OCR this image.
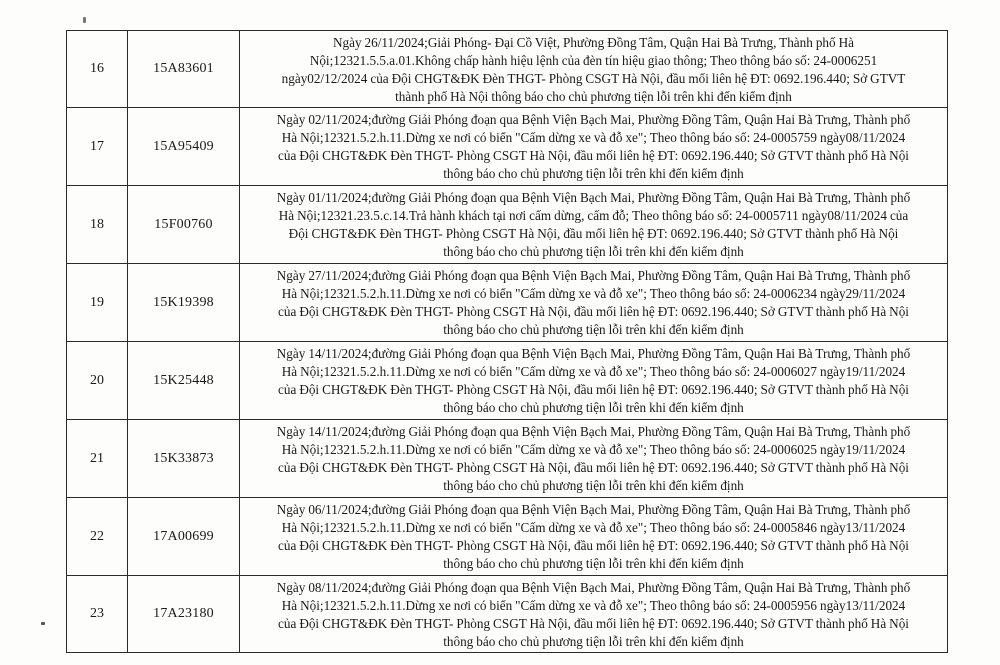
16	15A83601	Ngày 26/11/2024;Giải Phóng- Đại Cồ Việt, Phường Đồng Tâm, Quận Hai Bà Trưng, Thành phố Hà
Nội;12321.5.5.a.01.Không chấp hành hiệu lệnh của đèn tín hiệu giao thông; Theo thông báo số: 24-0006251
ngày02/12/2024 của Đội CHGT&ĐK Đèn THGT- Phòng CSGT Hà Nội, đầu mối liên hệ ĐT: 0692.196.440; Sở GTVT
thành phố Hà Nội thông báo cho chủ phương tiện lỗi trên khi đến kiểm định

17	15A95409	Ngày 02/11/2024;đường Giải Phóng đoạn qua Bệnh Viện Bạch Mai, Phường Đồng Tâm, Quận Hai Bà Trưng, Thành phố
Hà Nội;12321.5.2.h.11.Dừng xe nơi có biển "Cấm dừng xe và đỗ xe"; Theo thông báo số: 24-0005759 ngày08/11/2024
của Đội CHGT&ĐK Đèn THGT- Phòng CSGT Hà Nội, đầu mối liên hệ ĐT: 0692.196.440; Sở GTVT thành phố Hà Nội
thông báo cho chủ phương tiện lỗi trên khi đến kiểm định

18	15F00760	Ngày 01/11/2024;đường Giải Phóng đoạn qua Bệnh Viện Bạch Mai, Phường Đồng Tâm, Quận Hai Bà Trưng, Thành phố
Hà Nội;12321.23.5.c.14.Trả hành khách tại nơi cấm dừng, cấm đỗ; Theo thông báo số: 24-0005711 ngày08/11/2024 của
Đội CHGT&ĐK Đèn THGT- Phòng CSGT Hà Nội, đầu mối liên hệ ĐT: 0692.196.440; Sở GTVT thành phố Hà Nội
thông báo cho chủ phương tiện lỗi trên khi đến kiểm định

19	15K19398	Ngày 27/11/2024;đường Giải Phóng đoạn qua Bệnh Viện Bạch Mai, Phường Đồng Tâm, Quận Hai Bà Trưng, Thành phố
Hà Nội;12321.5.2.h.11.Dừng xe nơi có biển "Cấm dừng xe và đỗ xe"; Theo thông báo số: 24-0006234 ngày29/11/2024
của Đội CHGT&ĐK Đèn THGT- Phòng CSGT Hà Nội, đầu mối liên hệ ĐT: 0692.196.440; Sở GTVT thành phố Hà Nội
thông báo cho chủ phương tiện lỗi trên khi đến kiểm định

20	15K25448	Ngày 14/11/2024;đường Giải Phóng đoạn qua Bệnh Viện Bạch Mai, Phường Đồng Tâm, Quận Hai Bà Trưng, Thành phố
Hà Nội;12321.5.2.h.11.Dừng xe nơi có biển "Cấm dừng xe và đỗ xe"; Theo thông báo số: 24-0006027 ngày19/11/2024
của Đội CHGT&ĐK Đèn THGT- Phòng CSGT Hà Nội, đầu mối liên hệ ĐT: 0692.196.440; Sở GTVT thành phố Hà Nội
thông báo cho chủ phương tiện lỗi trên khi đến kiểm định

21	15K33873	Ngày 14/11/2024;đường Giải Phóng đoạn qua Bệnh Viện Bạch Mai, Phường Đồng Tâm, Quận Hai Bà Trưng, Thành phố
Hà Nội;12321.5.2.h.11.Dừng xe nơi có biển "Cấm dừng xe và đỗ xe"; Theo thông báo số: 24-0006025 ngày19/11/2024
của Đội CHGT&ĐK Đèn THGT- Phòng CSGT Hà Nội, đầu mối liên hệ ĐT: 0692.196.440; Sở GTVT thành phố Hà Nội
thông báo cho chủ phương tiện lỗi trên khi đến kiểm định

22	17A00699	Ngày 06/11/2024;đường Giải Phóng đoạn qua Bệnh Viện Bạch Mai, Phường Đồng Tâm, Quận Hai Bà Trưng, Thành phố
Hà Nội;12321.5.2.h.11.Dừng xe nơi có biển "Cấm dừng xe và đỗ xe"; Theo thông báo số: 24-0005846 ngày13/11/2024
của Đội CHGT&ĐK Đèn THGT- Phòng CSGT Hà Nội, đầu mối liên hệ ĐT: 0692.196.440; Sở GTVT thành phố Hà Nội
thông báo cho chủ phương tiện lỗi trên khi đến kiểm định

23	17A23180	Ngày 08/11/2024;đường Giải Phóng đoạn qua Bệnh Viện Bạch Mai, Phường Đồng Tâm, Quận Hai Bà Trưng, Thành phố
Hà Nội;12321.5.2.h.11.Dừng xe nơi có biển "Cấm dừng xe và đỗ xe"; Theo thông báo số: 24-0005956 ngày13/11/2024
của Đội CHGT&ĐK Đèn THGT- Phòng CSGT Hà Nội, đầu mối liên hệ ĐT: 0692.196.440; Sở GTVT thành phố Hà Nội
thông báo cho chủ phương tiện lỗi trên khi đến kiểm định
